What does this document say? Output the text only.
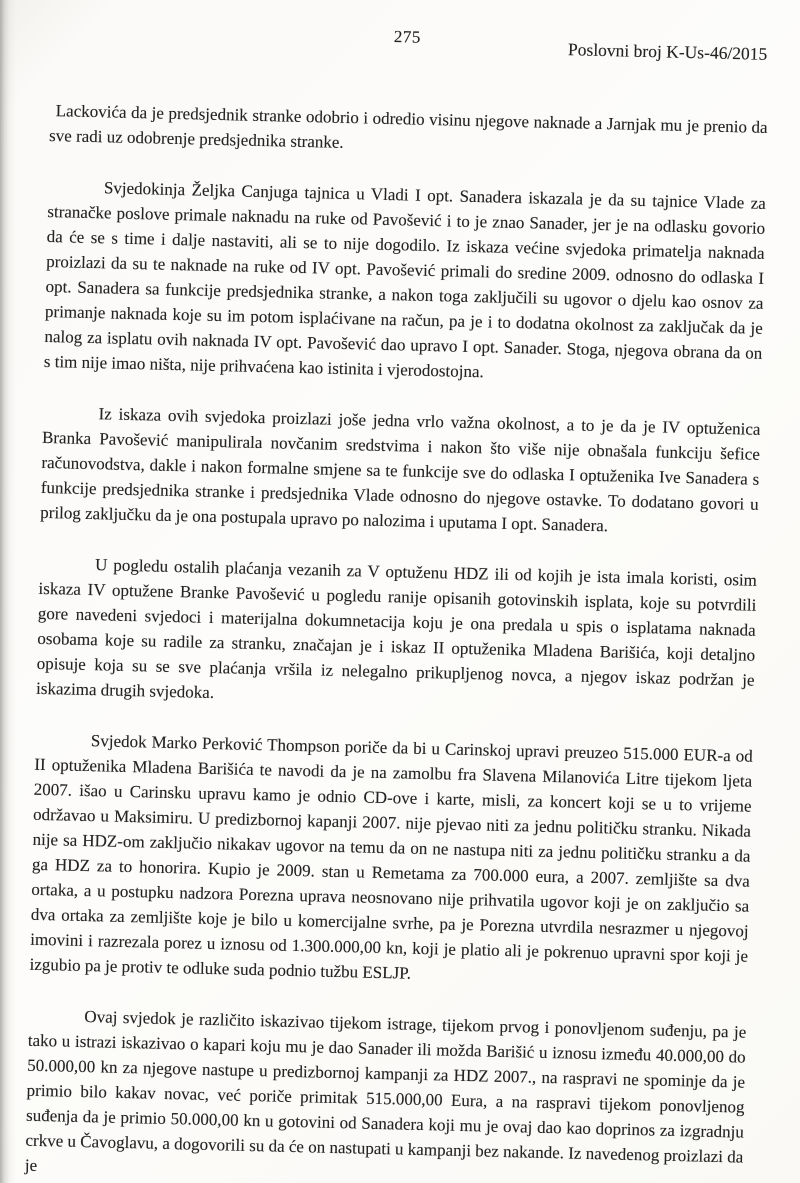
275
Poslovni broj K-Us-46/2015

Lackovića da je predsjednik stranke odobrio i odredio visinu njegove naknade a Jarnjak mu je prenio da sve radi uz odobrenje predsjednika stranke.

Svjedokinja Željka Canjuga tajnica u Vladi I opt. Sanadera iskazala je da su tajnice Vlade za stranačke poslove primale naknadu na ruke od Pavošević i to je znao Sanader, jer je na odlasku govorio da će se s time i dalje nastaviti, ali se to nije dogodilo. Iz iskaza većine svjedoka primatelja naknada proizlazi da su te naknade na ruke od IV opt. Pavošević primali do sredine 2009. odnosno do odlaska I opt. Sanadera sa funkcije predsjednika stranke, a nakon toga zaključili su ugovor o djelu kao osnov za primanje naknada koje su im potom isplaćivane na račun, pa je i to dodatna okolnost za zaključak da je nalog za isplatu ovih naknada IV opt. Pavošević dao upravo I opt. Sanader. Stoga, njegova obrana da on s tim nije imao ništa, nije prihvaćena kao istinita i vjerodostojna.

Iz iskaza ovih svjedoka proizlazi joše jedna vrlo važna okolnost, a to je da je IV optuženica Branka Pavošević manipulirala novčanim sredstvima i nakon što više nije obnašala funkciju šefice računovodstva, dakle i nakon formalne smjene sa te funkcije sve do odlaska I optuženika Ive Sanadera s funkcije predsjednika stranke i predsjednika Vlade odnosno do njegove ostavke. To dodatano govori u prilog zaključku da je ona postupala upravo po nalozima i uputama I opt. Sanadera.

U pogledu ostalih plaćanja vezanih za V optuženu HDZ ili od kojih je ista imala koristi, osim iskaza IV optužene Branke Pavošević u pogledu ranije opisanih gotovinskih isplata, koje su potvrdili gore navedeni svjedoci i materijalna dokumnetacija koju je ona predala u spis o isplatama naknada osobama koje su radile za stranku, značajan je i iskaz II optuženika Mladena Barišića, koji detaljno opisuje koja su se sve plaćanja vršila iz nelegalno prikupljenog novca, a njegov iskaz podržan je iskazima drugih svjedoka.

Svjedok Marko Perković Thompson poriče da bi u Carinskoj upravi preuzeo 515.000 EUR-a od II optuženika Mladena Barišića te navodi da je na zamolbu fra Slavena Milanovića Litre tijekom ljeta 2007. išao u Carinsku upravu kamo je odnio CD-ove i karte, misli, za koncert koji se u to vrijeme održavao u Maksimiru. U predizbornoj kapanji 2007. nije pjevao niti za jednu političku stranku. Nikada nije sa HDZ-om zaključio nikakav ugovor na temu da on ne nastupa niti za jednu političku stranku a da ga HDZ za to honorira. Kupio je 2009. stan u Remetama za 700.000 eura, a 2007. zemljište sa dva ortaka, a u postupku nadzora Porezna uprava neosnovano nije prihvatila ugovor koji je on zaključio sa dva ortaka za zemljište koje je bilo u komercijalne svrhe, pa je Porezna utvrdila nesrazmer u njegovoj imovini i razrezala porez u iznosu od 1.300.000,00 kn, koji je platio ali je pokrenuo upravni spor koji je izgubio pa je protiv te odluke suda podnio tužbu ESLJP.

Ovaj svjedok je različito iskazivao tijekom istrage, tijekom prvog i ponovljenom suđenju, pa je tako u istrazi iskazivao o kapari koju mu je dao Sanader ili možda Barišić u iznosu između 40.000,00 do 50.000,00 kn za njegove nastupe u predizbornoj kampanji za HDZ 2007., na raspravi ne spominje da je primio bilo kakav novac, već poriče primitak 515.000,00 Eura, a na raspravi tijekom ponovljenog suđenja da je primio 50.000,00 kn u gotovini od Sanadera koji mu je ovaj dao kao doprinos za izgradnju crkve u Čavoglavu, a dogovorili su da će on nastupati u kampanji bez nakande. Iz navedenog proizlazi da je
